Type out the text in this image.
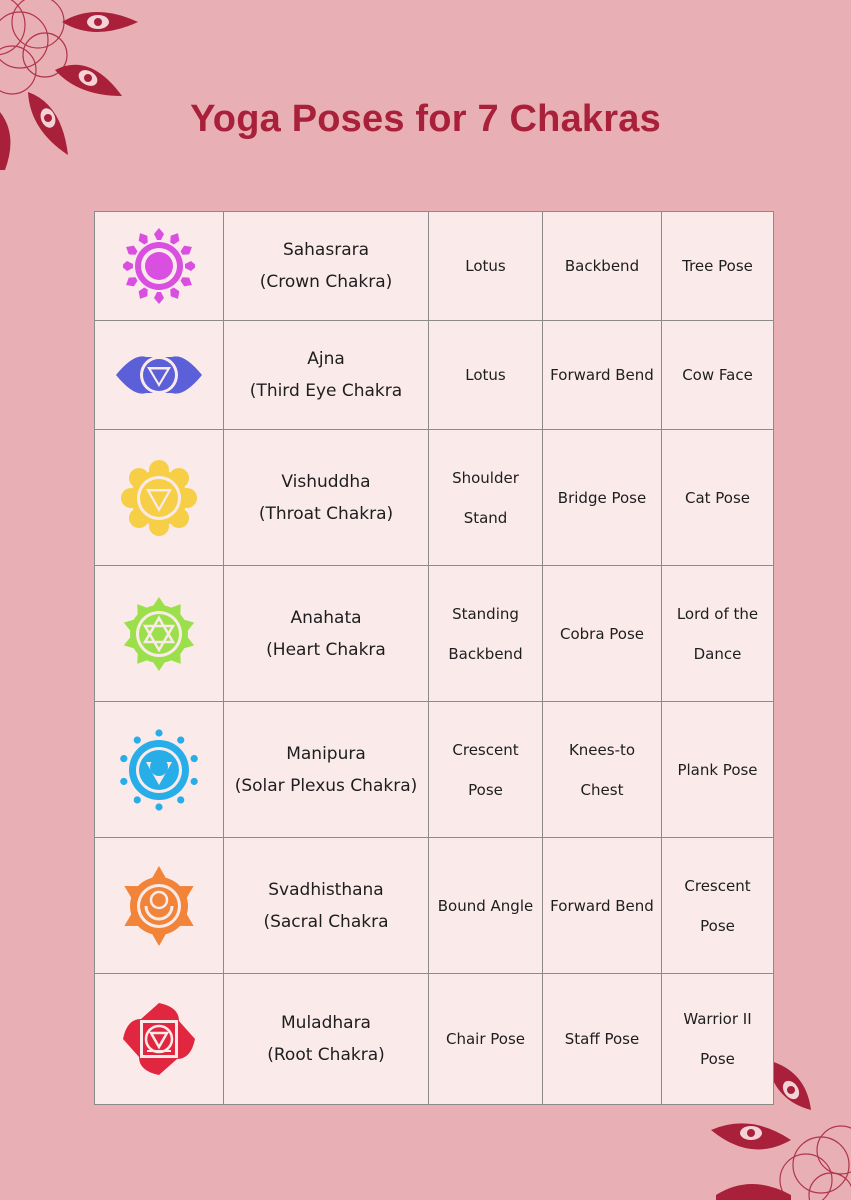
Yoga Poses for 7 Chakras

Sahasrara
(Crown Chakra)	Lotus	Backbend	Tree Pose

Ajna
(Third Eye Chakra	Lotus	Forward Bend	Cow Face

Vishuddha
(Throat Chakra)	Shoulder
Stand	Bridge Pose	Cat Pose

Anahata
(Heart Chakra	Standing
Backbend	Cobra Pose	Lord of the
Dance

Manipura
(Solar Plexus Chakra)	Crescent
Pose	Knees-to
Chest	Plank Pose

Svadhisthana
(Sacral Chakra	Bound Angle	Forward Bend	Crescent
Pose

Muladhara
(Root Chakra)	Chair Pose	Staff Pose	Warrior II
Pose
